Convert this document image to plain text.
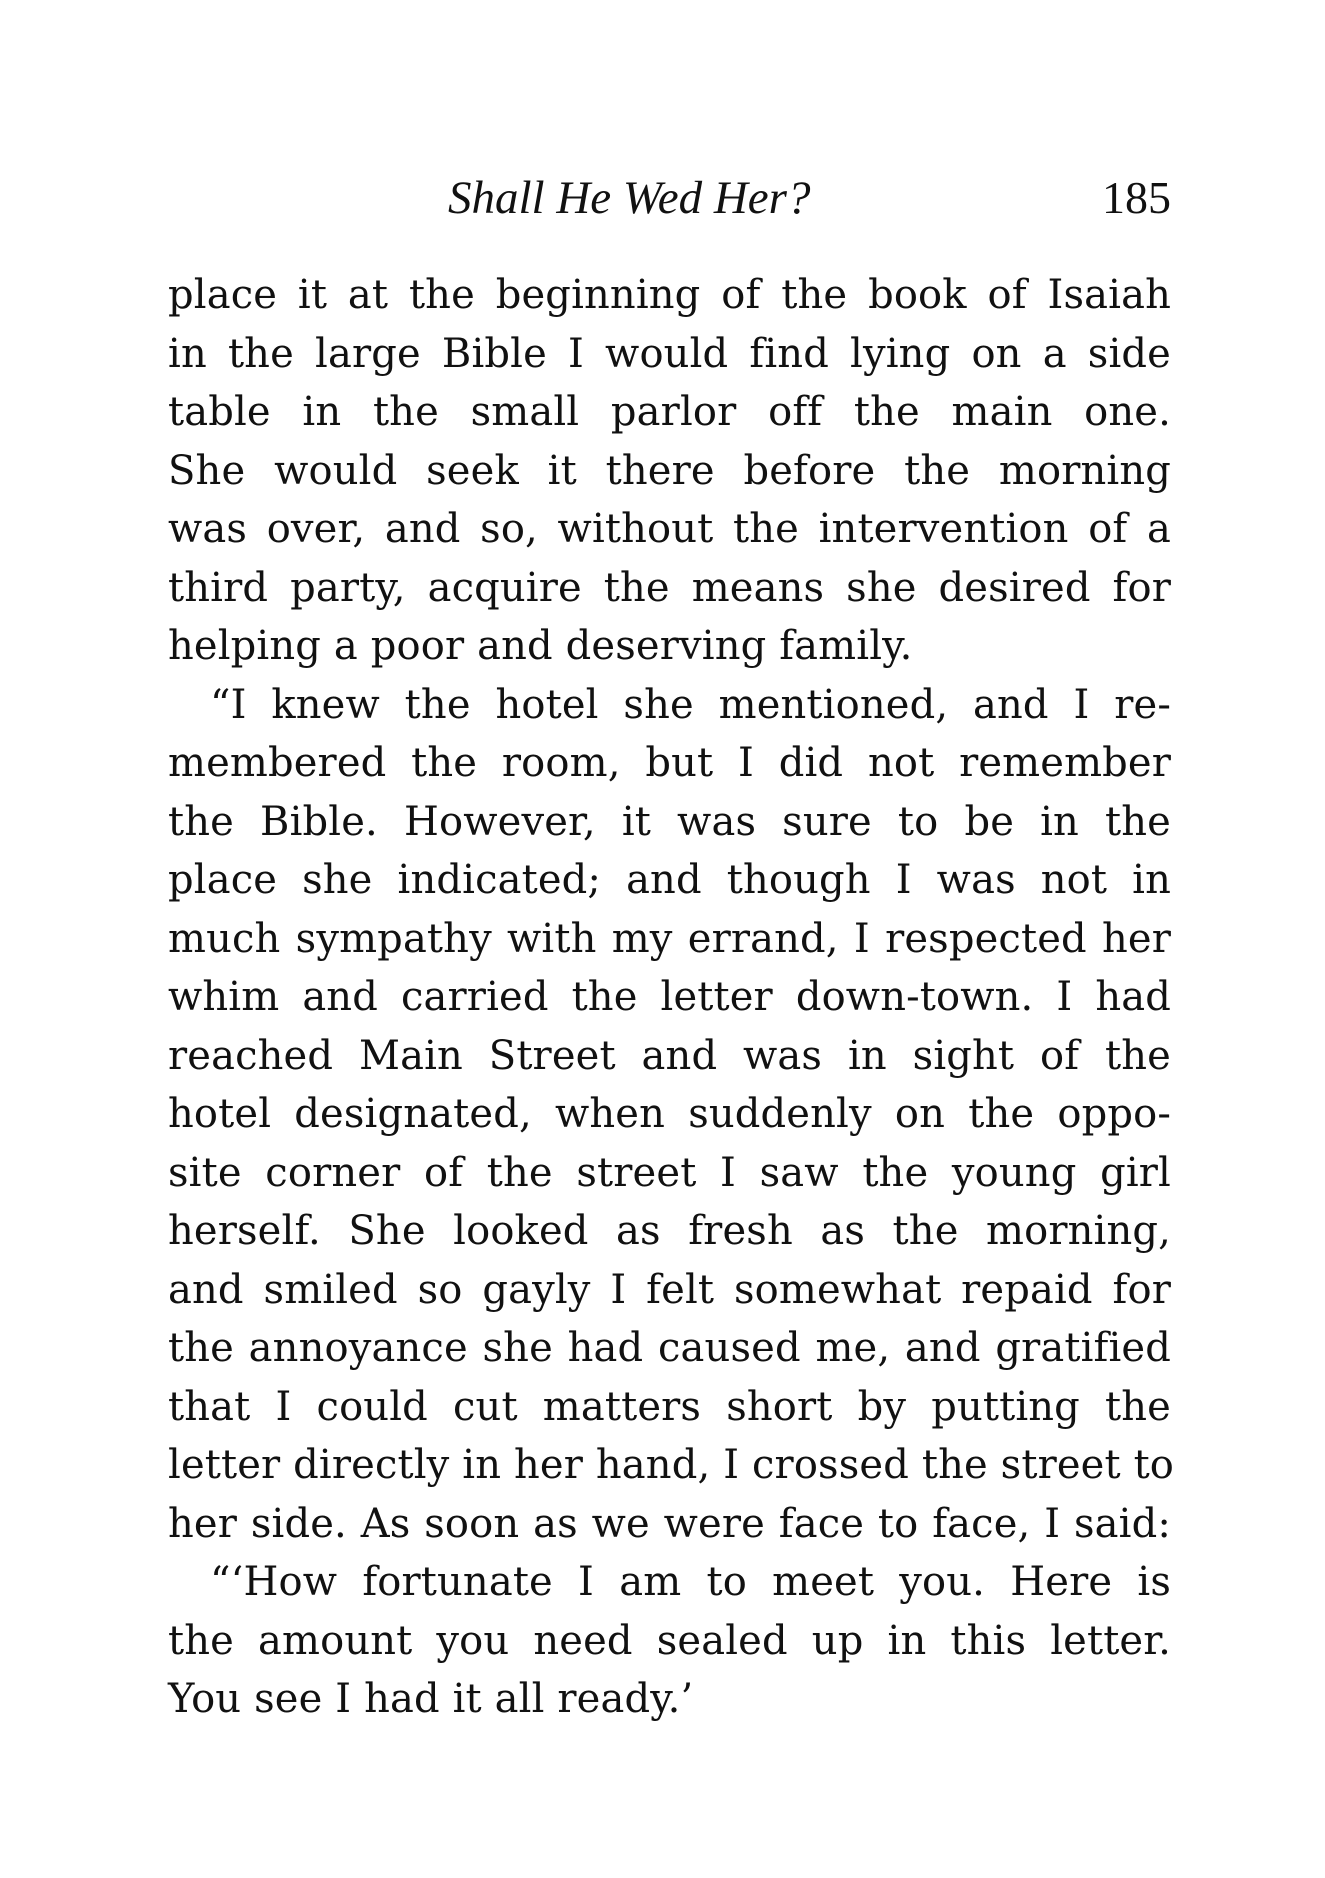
Shall He Wed Her?	185
place it at the beginning of the book of Isaiah
in the large Bible I would find lying on a side
table in the small parlor off the main one.
She would seek it there before the morning
was over, and so, without the intervention of a
third party, acquire the means she desired for
helping a poor and deserving family.
“I knew the hotel she mentioned, and I re-
membered the room, but I did not remember
the Bible. However, it was sure to be in the
place she indicated; and though I was not in
much sympathy with my errand, I respected her
whim and carried the letter down-town. I had
reached Main Street and was in sight of the
hotel designated, when suddenly on the oppo-
site corner of the street I saw the young girl
herself. She looked as fresh as the morning,
and smiled so gayly I felt somewhat repaid for
the annoyance she had caused me, and gratified
that I could cut matters short by putting the
letter directly in her hand, I crossed the street to
her side. As soon as we were face to face, I said:
“‘How fortunate I am to meet you. Here is
the amount you need sealed up in this letter.
You see I had it all ready.’
